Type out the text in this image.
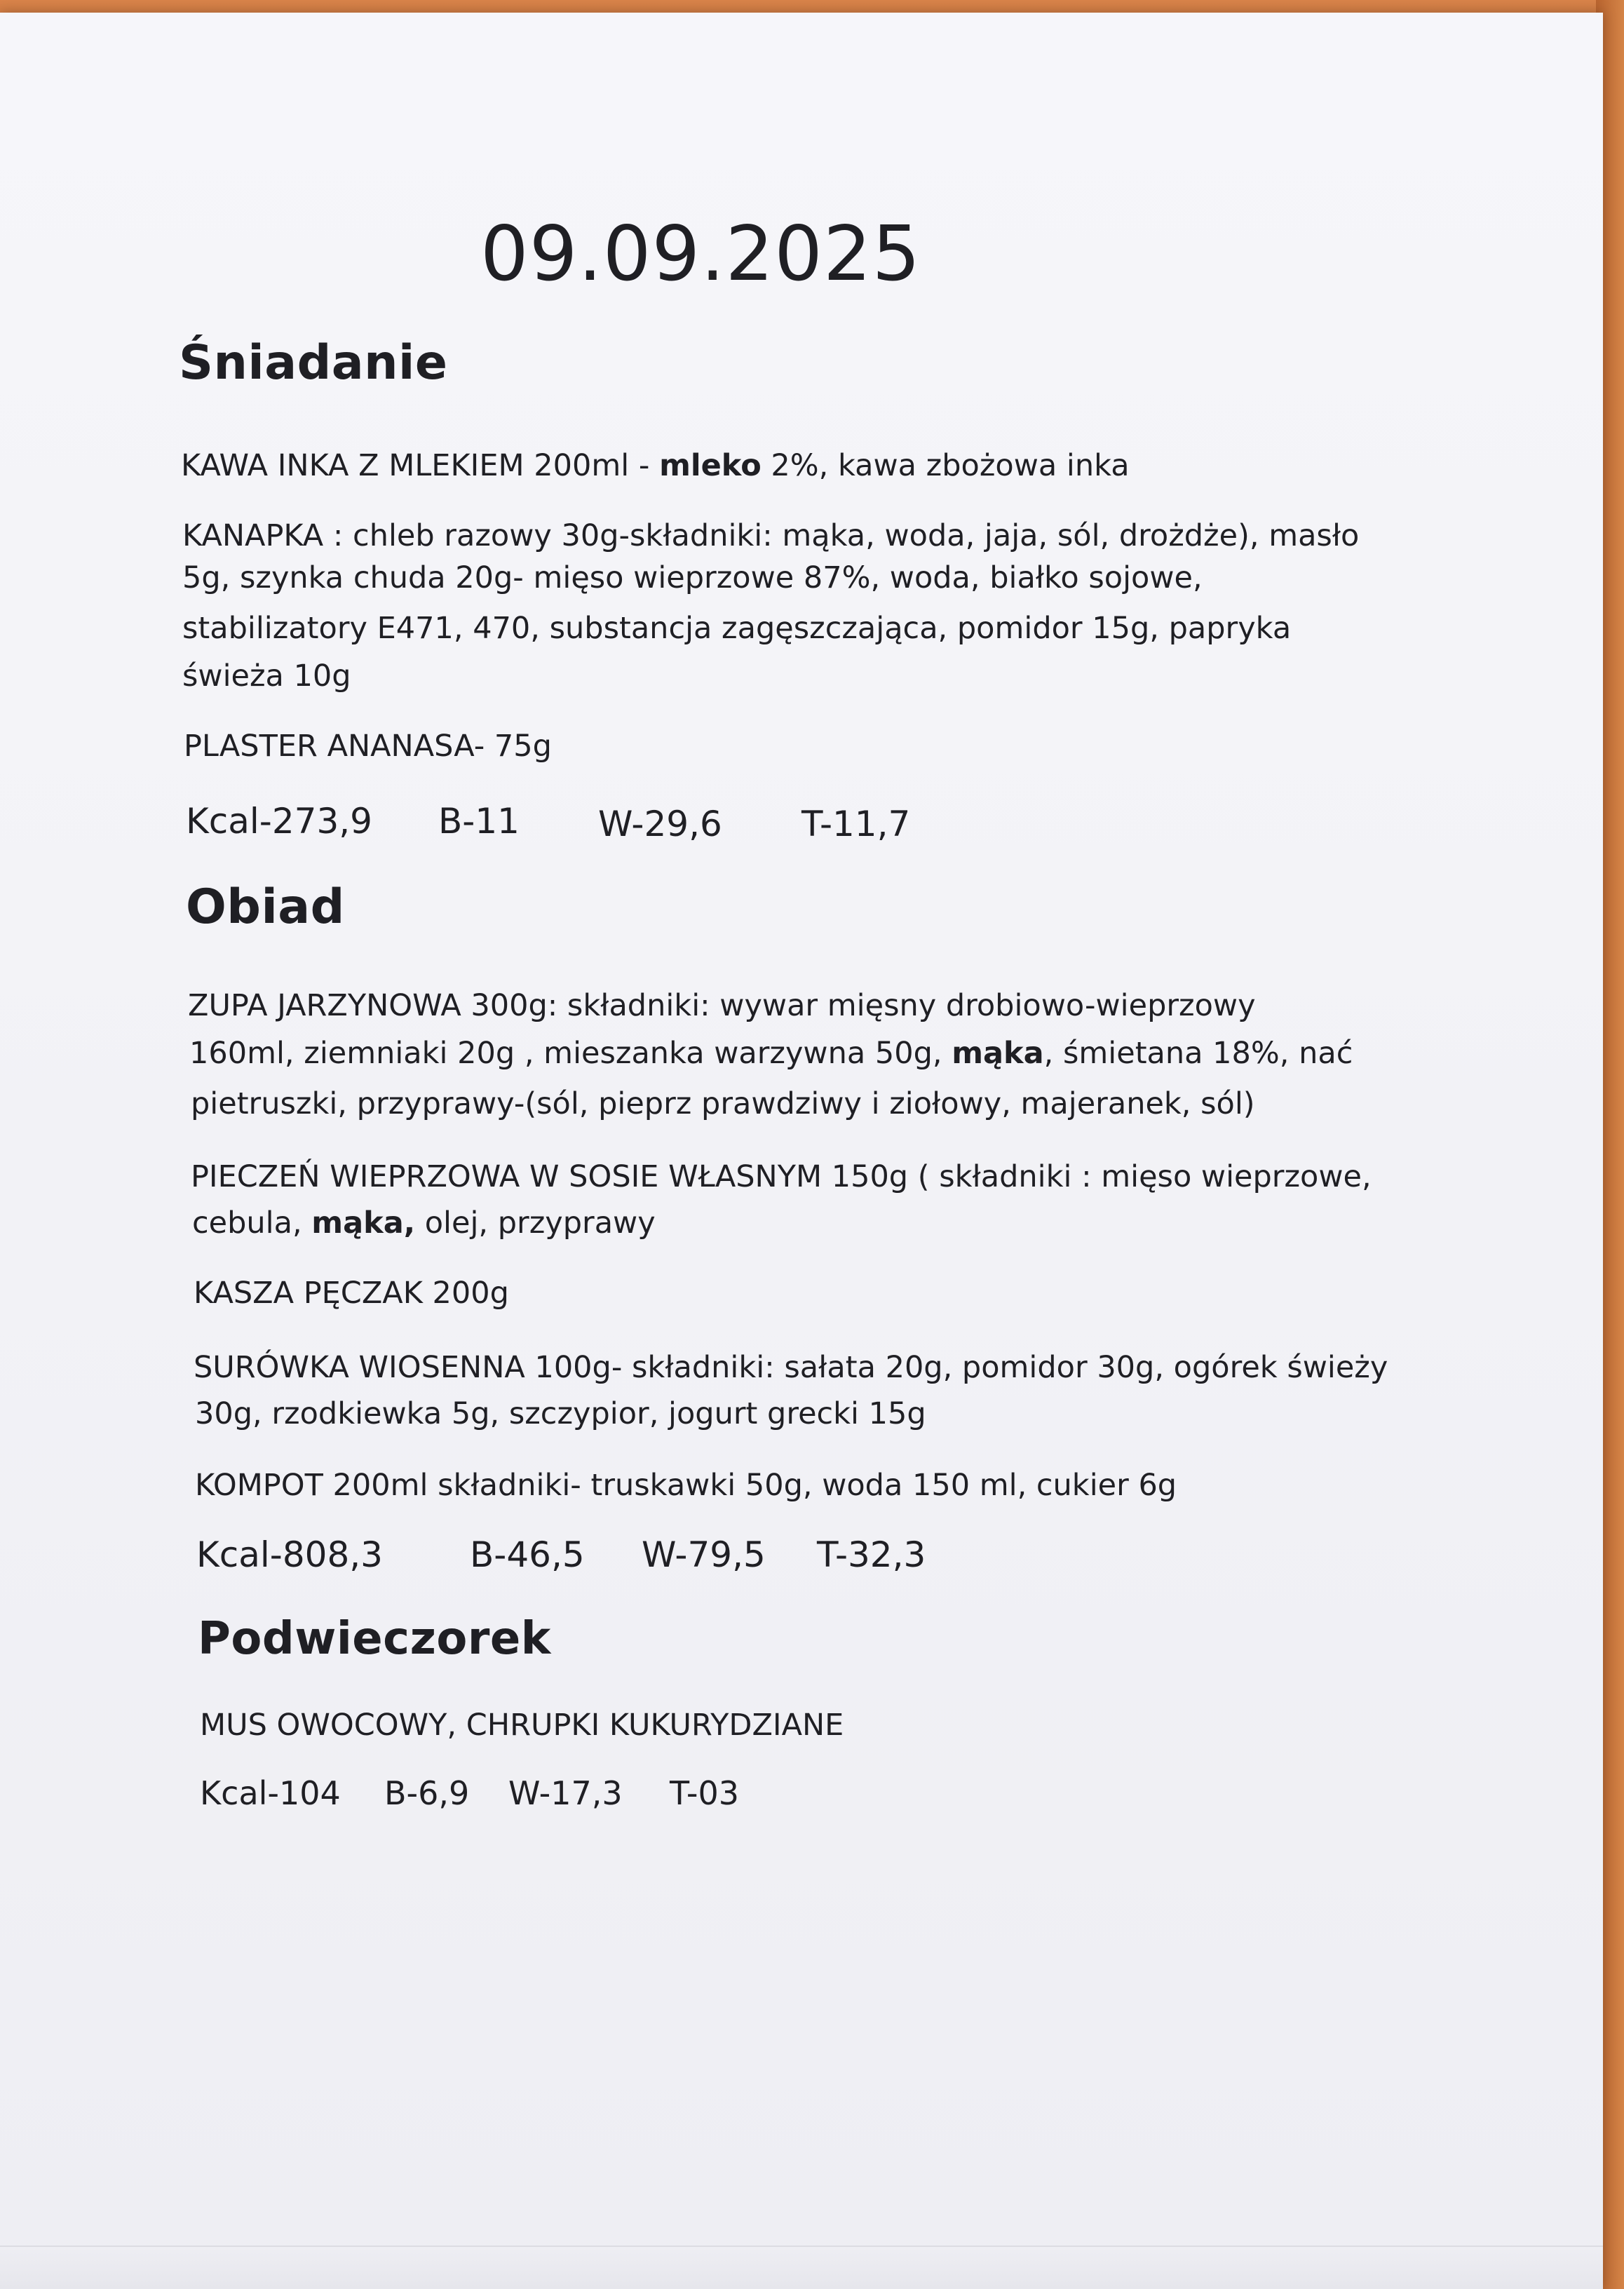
09.09.2025
Śniadanie
KAWA INKA Z MLEKIEM 200ml - mleko 2%, kawa zbożowa inka
KANAPKA : chleb razowy 30g-składniki: mąka, woda, jaja, sól, drożdże), masło
5g, szynka chuda 20g- mięso wieprzowe 87%, woda, białko sojowe,
stabilizatory E471, 470, substancja zagęszczająca, pomidor 15g, papryka
świeża 10g
PLASTER ANANASA- 75g
Kcal-273,9 B-11 W-29,6 T-11,7
Obiad
ZUPA JARZYNOWA 300g: składniki: wywar mięsny drobiowo-wieprzowy
160ml, ziemniaki 20g , mieszanka warzywna 50g, mąka, śmietana 18%, nać
pietruszki, przyprawy-(sól, pieprz prawdziwy i ziołowy, majeranek, sól)
PIECZEŃ WIEPRZOWA W SOSIE WŁASNYM 150g ( składniki : mięso wieprzowe,
cebula, mąka, olej, przyprawy
KASZA PĘCZAK 200g
SURÓWKA WIOSENNA 100g- składniki: sałata 20g, pomidor 30g, ogórek świeży
30g, rzodkiewka 5g, szczypior, jogurt grecki 15g
KOMPOT 200ml składniki- truskawki 50g, woda 150 ml, cukier 6g
Kcal-808,3 B-46,5 W-79,5 T-32,3
Podwieczorek
MUS OWOCOWY, CHRUPKI KUKURYDZIANE
Kcal-104 B-6,9 W-17,3 T-03
